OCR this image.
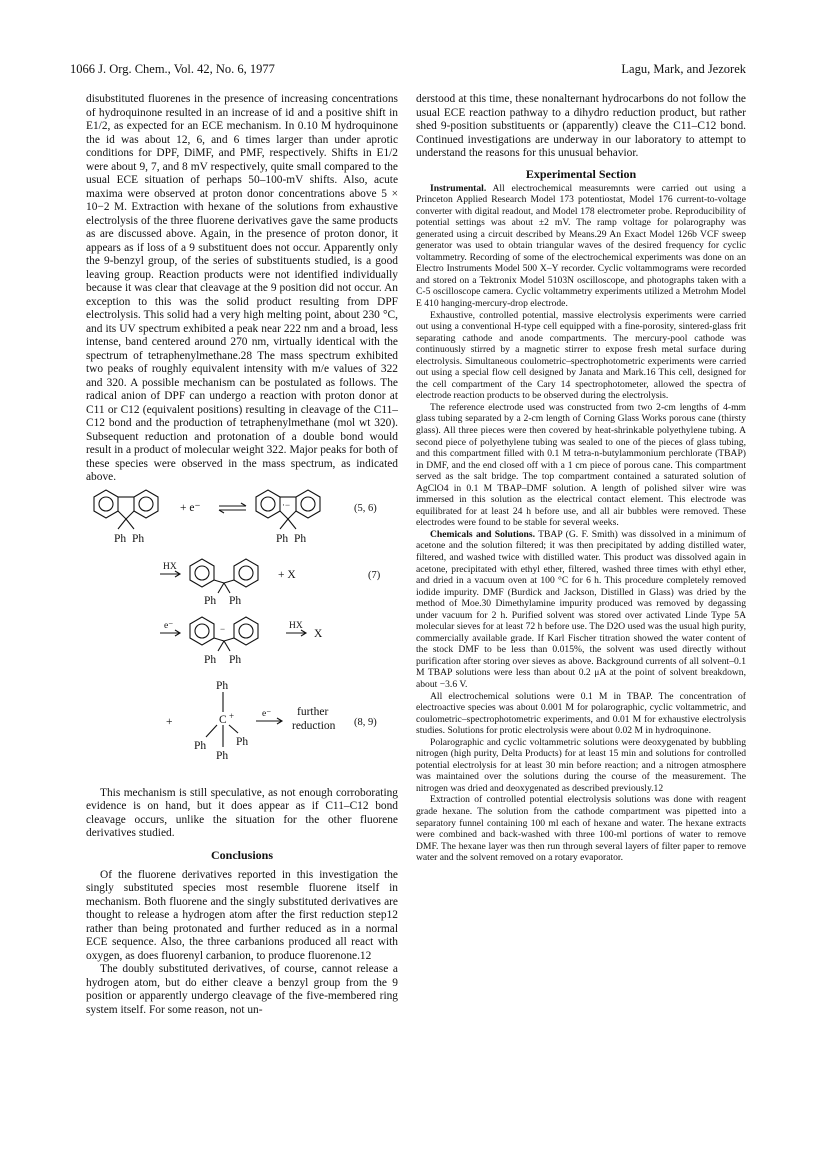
1066 J. Org. Chem., Vol. 42, No. 6, 1977	Lagu, Mark, and Jezorek

disubstituted fluorenes in the presence of increasing concentrations of hydroquinone resulted in an increase of id and a positive shift in E1/2, as expected for an ECE mechanism. In 0.10 M hydroquinone the id was about 12, 6, and 6 times larger than under aprotic conditions for DPF, DiMF, and PMF, respectively. Shifts in E1/2 were about 9, 7, and 8 mV respectively, quite small compared to the usual ECE situation of perhaps 50–100-mV shifts. Also, acute maxima were observed at proton donor concentrations above 5 × 10−2 M. Extraction with hexane of the solutions from exhaustive electrolysis of the three fluorene derivatives gave the same products as are discussed above. Again, in the presence of proton donor, it appears as if loss of a 9 substituent does not occur. Apparently only the 9-benzyl group, of the series of substituents studied, is a good leaving group. Reaction products were not identified individually because it was clear that cleavage at the 9 position did not occur. An exception to this was the solid product resulting from DPF electrolysis. This solid had a very high melting point, about 230 °C, and its UV spectrum exhibited a peak near 222 nm and a broad, less intense, band centered around 270 nm, virtually identical with the spectrum of tetraphenylmethane.28 The mass spectrum exhibited two peaks of roughly equivalent intensity with m/e values of 322 and 320. A possible mechanism can be postulated as follows. The radical anion of DPF can undergo a reaction with proton donor at C11 or C12 (equivalent positions) resulting in cleavage of the C11–C12 bond and the production of tetraphenylmethane (mol wt 320). Subsequent reduction and protonation of a double bond would result in a product of molecular weight 322. Major peaks for both of these species were observed in the mass spectrum, as indicated above.

Ph Ph
+ e⁻	·−
Ph Ph
(5, 6)
HX
Ph Ph
+ X	(7)
e⁻	−
Ph Ph
HX
X
Ph
+	C +
Ph	Ph
Ph
e⁻ further
reduction (8, 9)

This mechanism is still speculative, as not enough corroborating evidence is on hand, but it does appear as if C11–C12 bond cleavage occurs, unlike the situation for the other fluorene derivatives studied.

Conclusions

Of the fluorene derivatives reported in this investigation the singly substituted species most resemble fluorene itself in mechanism. Both fluorene and the singly substituted derivatives are thought to release a hydrogen atom after the first reduction step12 rather than being protonated and further reduced as in a normal ECE sequence. Also, the three carbanions produced all react with oxygen, as does fluorenyl carbanion, to produce fluorenone.12

The doubly substituted derivatives, of course, cannot release a hydrogen atom, but do either cleave a benzyl group from the 9 position or apparently undergo cleavage of the five-membered ring system itself. For some reason, not un-

derstood at this time, these nonalternant hydrocarbons do not follow the usual ECE reaction pathway to a dihydro reduction product, but rather shed 9-position substituents or (apparently) cleave the C11–C12 bond. Continued investigations are underway in our laboratory to attempt to understand the reasons for this unusual behavior.

Experimental Section

Instrumental. All electrochemical measuremnts were carried out using a Princeton Applied Research Model 173 potentiostat, Model 176 current-to-voltage converter with digital readout, and Model 178 electrometer probe. Reproducibility of potential settings was about ±2 mV. The ramp voltage for polarography was generated using a circuit described by Means.29 An Exact Model 126b VCF sweep generator was used to obtain triangular waves of the desired frequency for cyclic voltammetry. Recording of some of the electrochemical experiments was done on an Electro Instruments Model 500 X–Y recorder. Cyclic voltammograms were recorded and stored on a Tektronix Model 5103N oscilloscope, and photographs taken with a C-5 oscilloscope camera. Cyclic voltammetry experiments utilized a Metrohm Model E 410 hanging-mercury-drop electrode.

Exhaustive, controlled potential, massive electrolysis experiments were carried out using a conventional H-type cell equipped with a fine-porosity, sintered-glass frit separating cathode and anode compartments. The mercury-pool cathode was continuously stirred by a magnetic stirrer to expose fresh metal surface during electrolysis. Simultaneous coulometric–spectrophotometric experiments were carried out using a special flow cell designed by Janata and Mark.16 This cell, designed for the cell compartment of the Cary 14 spectrophotometer, allowed the spectra of electrode reaction products to be observed during the electrolysis.

The reference electrode used was constructed from two 2-cm lengths of 4-mm glass tubing separated by a 2-cm length of Corning Glass Works porous cane (thirsty glass). All three pieces were then covered by heat-shrinkable polyethylene tubing. A second piece of polyethylene tubing was sealed to one of the pieces of glass tubing, and this compartment filled with 0.1 M tetra-n-butylammonium perchlorate (TBAP) in DMF, and the end closed off with a 1 cm piece of porous cane. This compartment served as the salt bridge. The top compartment contained a saturated solution of AgClO4 in 0.1 M TBAP–DMF solution. A length of polished silver wire was immersed in this solution as the electrical contact element. This electrode was equilibrated for at least 24 h before use, and all air bubbles were removed. These electrodes were found to be stable for several weeks.

Chemicals and Solutions. TBAP (G. F. Smith) was dissolved in a minimum of acetone and the solution filtered; it was then precipitated by adding distilled water, filtered, and washed twice with distilled water. This product was dissolved again in acetone, precipitated with ethyl ether, filtered, washed three times with ethyl ether, and dried in a vacuum oven at 100 °C for 6 h. This procedure completely removed iodide impurity. DMF (Burdick and Jackson, Distilled in Glass) was dried by the method of Moe.30 Dimethylamine impurity produced was removed by degassing under vacuum for 2 h. Purified solvent was stored over activated Linde Type 5A molecular sieves for at least 72 h before use. The D2O used was the usual high purity, commercially available grade. If Karl Fischer titration showed the water content of the stock DMF to be less than 0.015%, the solvent was used directly without purification after storing over sieves as above. Background currents of all solvent–0.1 M TBAP solutions were less than about 0.2 μA at the point of solvent breakdown, about −3.6 V.

All electrochemical solutions were 0.1 M in TBAP. The concentration of electroactive species was about 0.001 M for polarographic, cyclic voltammetric, and coulometric–spectrophotometric experiments, and 0.01 M for exhaustive electrolysis studies. Solutions for protic electrolysis were about 0.02 M in hydroquinone.

Polarographic and cyclic voltammetric solutions were deoxygenated by bubbling nitrogen (high purity, Delta Products) for at least 15 min and solutions for controlled potential electrolysis for at least 30 min before reaction; and a nitrogen atmosphere was maintained over the solutions during the course of the measurement. The nitrogen was dried and deoxygenated as described previously.12

Extraction of controlled potential electrolysis solutions was done with reagent grade hexane. The solution from the cathode compartment was pipetted into a separatory funnel containing 100 ml each of hexane and water. The hexane extracts were combined and back-washed with three 100-ml portions of water to remove DMF. The hexane layer was then run through several layers of filter paper to remove water and the solvent removed on a rotary evaporator.
